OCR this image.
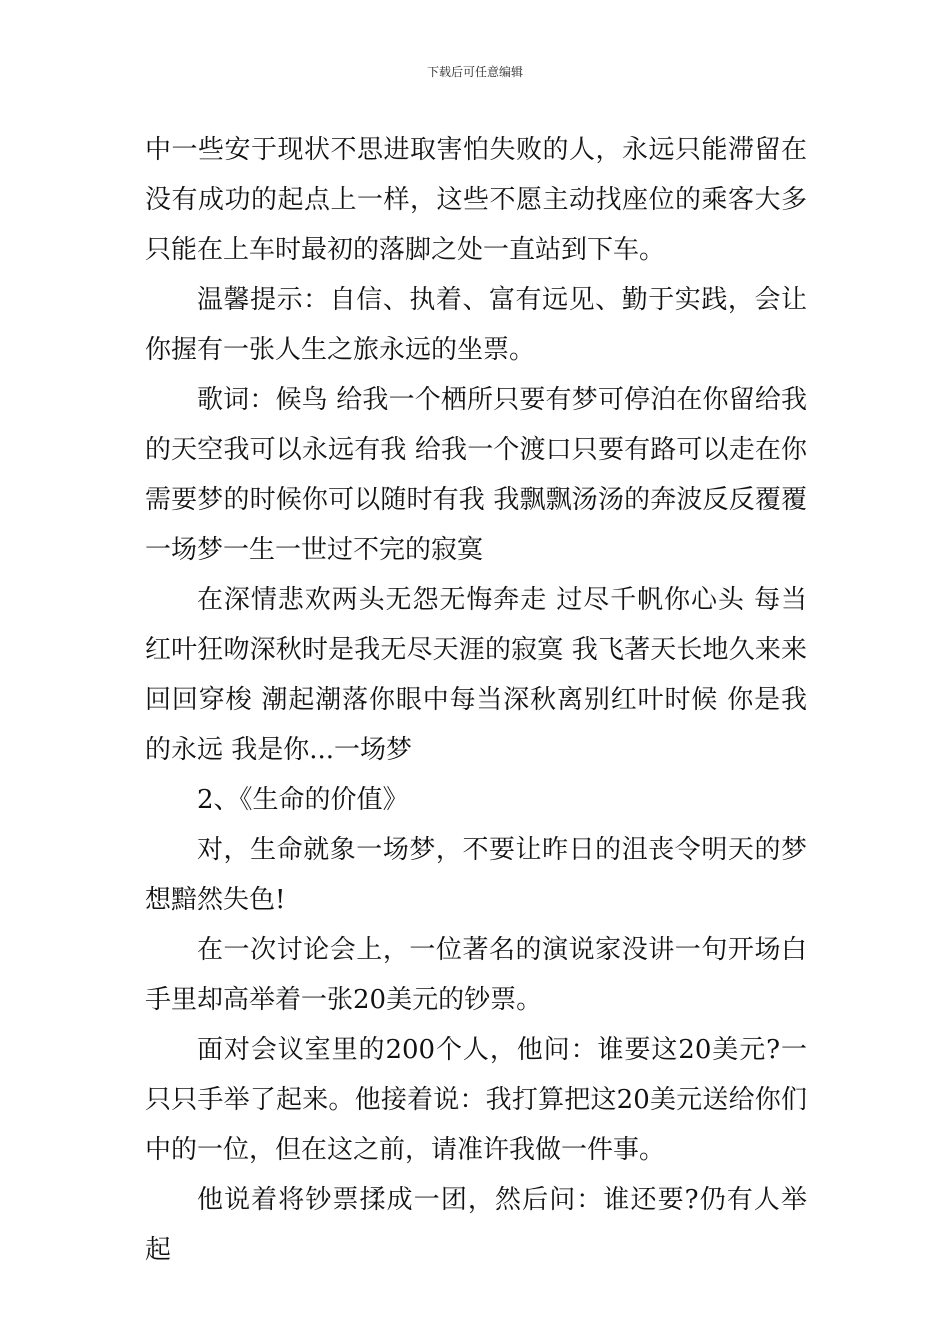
下载后可任意编辑

中一些安于现状不思进取害怕失败的人，永远只能滞留在没有成功的起点上一样，这些不愿主动找座位的乘客大多只能在上车时最初的落脚之处一直站到下车。

温馨提示：自信、执着、富有远见、勤于实践，会让你握有一张人生之旅永远的坐票。

歌词：候鸟 给我一个栖所只要有梦可停泊在你留给我的天空我可以永远有我 给我一个渡口只要有路可以走在你需要梦的时候你可以随时有我 我飘飘汤汤的奔波反反覆覆一场梦一生一世过不完的寂寞

在深情悲欢两头无怨无悔奔走 过尽千帆你心头 每当红叶狂吻深秋时是我无尽天涯的寂寞 我飞著天长地久来来回回穿梭 潮起潮落你眼中每当深秋离别红叶时候 你是我的永远 我是你...一场梦

2、《生命的价值》

对，生命就象一场梦，不要让昨日的沮丧令明天的梦想黯然失色!

在一次讨论会上，一位著名的演说家没讲一句开场白手里却高举着一张20美元的钞票。

面对会议室里的200个人，他问：谁要这20美元?一只只手举了起来。他接着说：我打算把这20美元送给你们中的一位，但在这之前，请准许我做一件事。

他说着将钞票揉成一团，然后问：谁还要?仍有人举起
